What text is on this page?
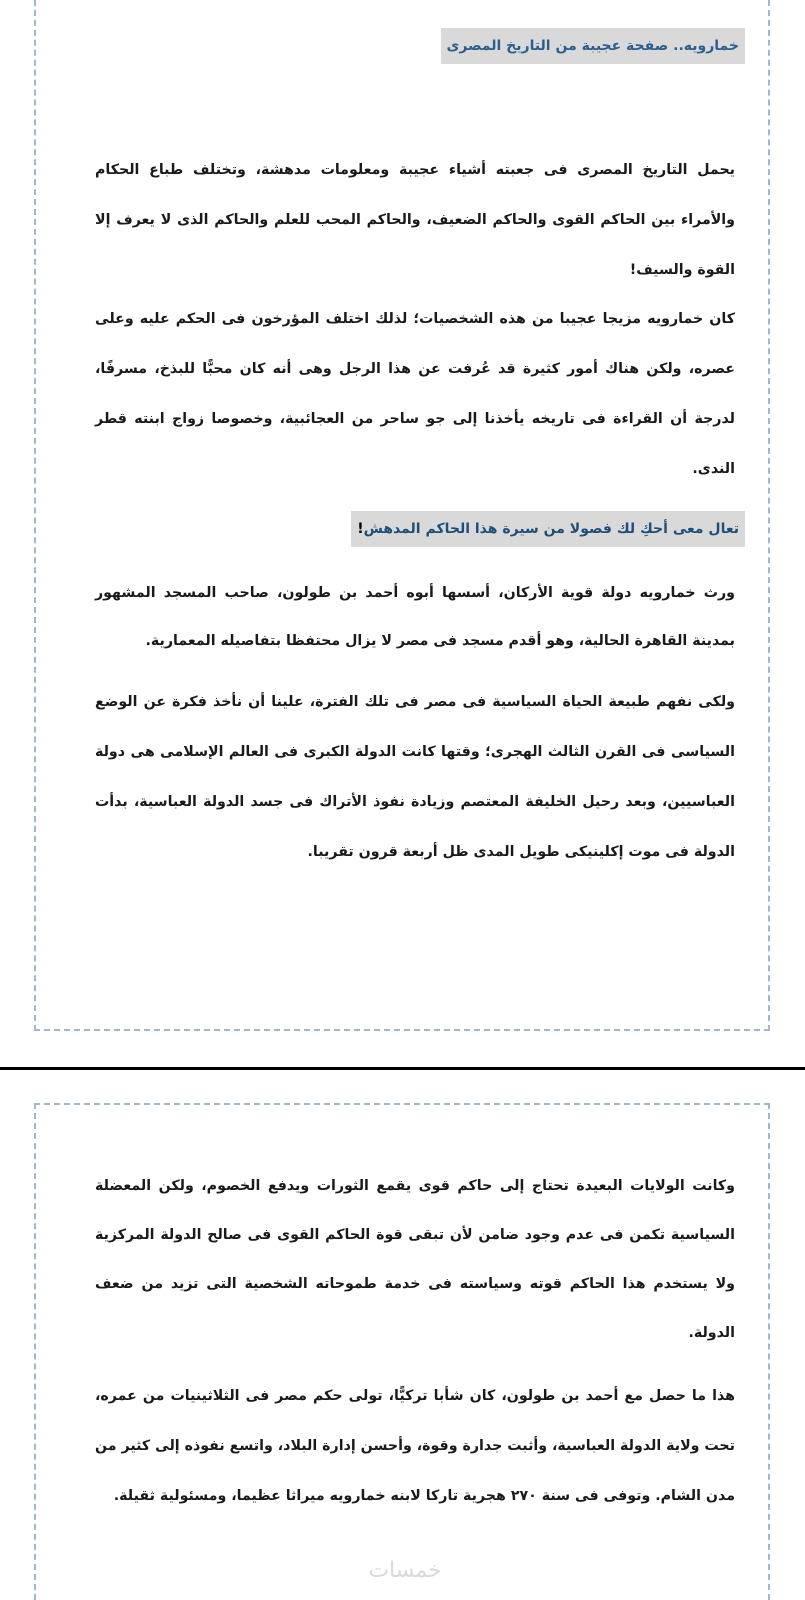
خمارويه.. صفحة عجيبة من التاريخ المصرى

يحمل التاريخ المصرى فى جعبته أشياء عجيبة ومعلومات مدهشة، وتختلف طباع الحكام والأمراء بين الحاكم القوى والحاكم الضعيف، والحاكم المحب للعلم والحاكم الذى لا يعرف إلا القوة والسيف!

كان خمارويه مزيجا عجيبا من هذه الشخصيات؛ لذلك اختلف المؤرخون فى الحكم عليه وعلى عصره، ولكن هناك أمور كثيرة قد عُرفت عن هذا الرجل وهى أنه كان محبًّا للبذخ، مسرفًا، لدرجة أن القراءة فى تاريخه يأخذنا إلى جو ساحر من العجائبية، وخصوصا زواج ابنته قطر الندى.

تعال معى أحكِ لك فصولا من سيرة هذا الحاكم المدهش!

ورث خمارويه دولة قوية الأركان، أسسها أبوه أحمد بن طولون، صاحب المسجد المشهور بمدينة القاهرة الحالية، وهو أقدم مسجد فى مصر لا يزال محتفظا بتفاصيله المعمارية.

ولكى نفهم طبيعة الحياة السياسية فى مصر فى تلك الفترة، علينا أن نأخذ فكرة عن الوضع السياسى فى القرن الثالث الهجرى؛ وقتها كانت الدولة الكبرى فى العالم الإسلامى هى دولة العباسيين، وبعد رحيل الخليفة المعتصم وزيادة نفوذ الأتراك فى جسد الدولة العباسية، بدأت الدولة فى موت إكلينيكى طويل المدى ظل أربعة قرون تقريبا.

وكانت الولايات البعيدة تحتاج إلى حاكم قوى يقمع الثورات ويدفع الخصوم، ولكن المعضلة السياسية تكمن فى عدم وجود ضامن لأن تبقى قوة الحاكم القوى فى صالح الدولة المركزية ولا يستخدم هذا الحاكم قوته وسياسته فى خدمة طموحاته الشخصية التى تزيد من ضعف الدولة.

هذا ما حصل مع أحمد بن طولون، كان شأبا تركيًّا، تولى حكم مصر فى الثلاثينيات من عمره، تحت ولاية الدولة العباسية، وأثبت جدارة وقوة، وأحسن إدارة البلاد، واتسع نفوذه إلى كثير من مدن الشام. وتوفى فى سنة ٢٧٠ هجرية تاركا لابنه خمارويه ميراثا عظيما، ومسئولية ثقيلة.

خمسات
